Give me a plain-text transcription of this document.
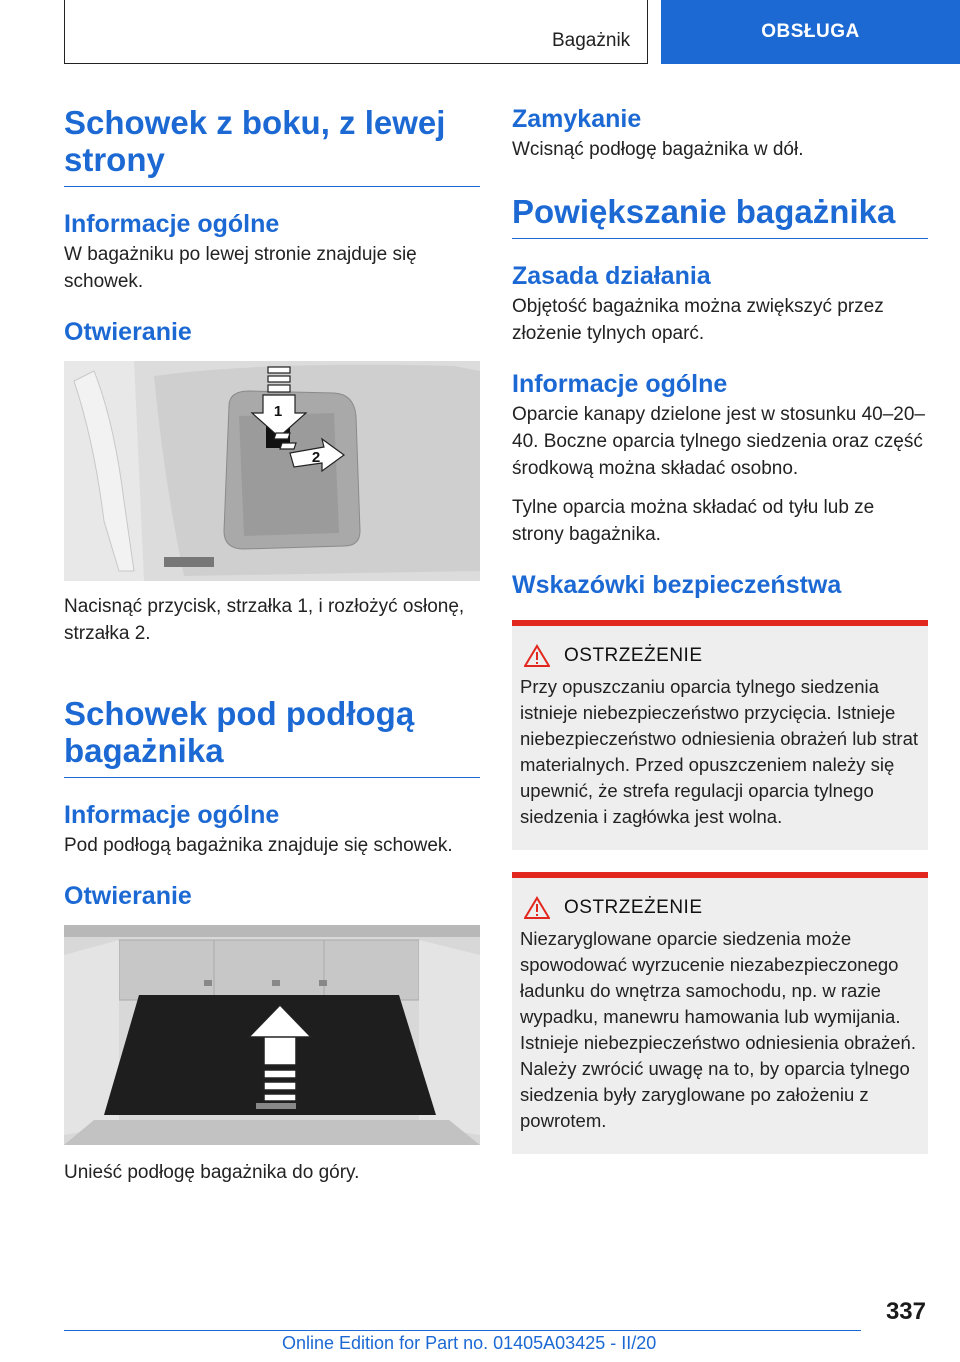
Bagażnik	OBSŁUGA
Schowek z boku, z lewej strony
Informacje ogólne

W bagażniku po lewej stronie znajduje się schowek.

Otwieranie
1
2

Nacisnąć przycisk, strzałka 1, i rozłożyć osłonę, strzałka 2.

Schowek pod podłogą bagażnika
Informacje ogólne

Pod podłogą bagażnika znajduje się schowek.

Otwieranie

Unieść podłogę bagażnika do góry.

Zamykanie

Wcisnąć podłogę bagażnika w dół.

Powiększanie bagażnika
Zasada działania

Objętość bagażnika można zwiększyć przez złożenie tylnych oparć.

Informacje ogólne

Oparcie kanapy dzielone jest w stosunku 40–20–40. Boczne oparcia tylnego siedzenia oraz część środkową można składać osobno.

Tylne oparcia można składać od tyłu lub ze strony bagażnika.

Wskazówki bezpieczeństwa
OSTRZEŻENIE

Przy opuszczaniu oparcia tylnego siedzenia istnieje niebezpieczeństwo przycięcia. Istnieje niebezpieczeństwo odniesienia obrażeń lub strat materialnych. Przed opuszczeniem należy się upewnić, że strefa regulacji oparcia tylnego siedzenia i zagłówka jest wolna.

OSTRZEŻENIE

Niezaryglowane oparcie siedzenia może spowodować wyrzucenie niezabezpieczonego ładunku do wnętrza samochodu, np. w razie wypadku, manewru hamowania lub wymijania. Istnieje niebezpieczeństwo odniesienia obrażeń. Należy zwrócić uwagę na to, by oparcia tylnego siedzenia były zaryglowane po założeniu z powrotem.

337
Online Edition for Part no. 01405A03425 - II/20
